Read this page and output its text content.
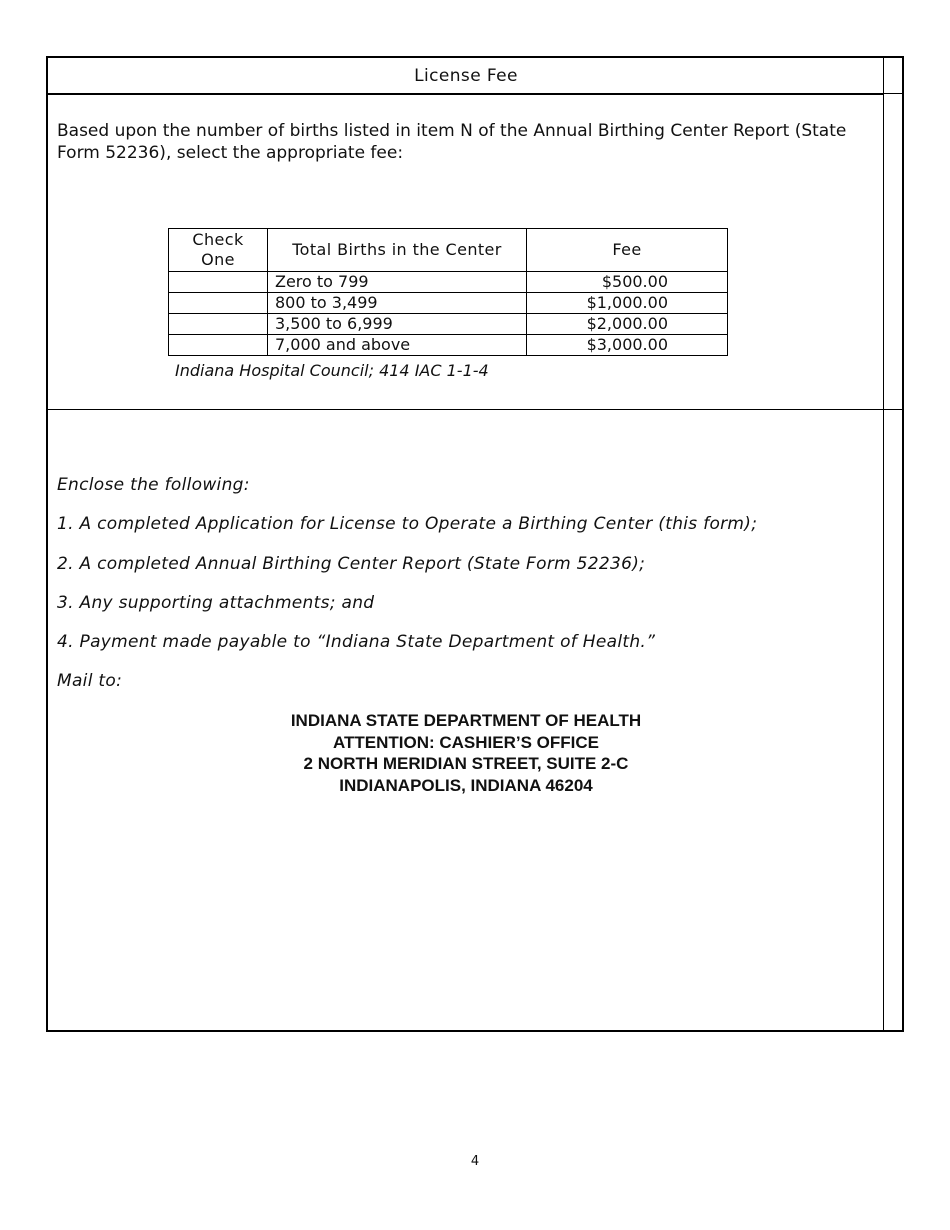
License Fee

Based upon the number of births listed in item N of the Annual Birthing Center Report (State Form 52236), select the appropriate fee:

Check One	Total Births in the Center	Fee
	Zero to 799	$500.00
	800 to 3,499	$1,000.00
	3,500 to 6,999	$2,000.00
	7,000 and above	$3,000.00
Indiana Hospital Council; 414 IAC 1-1-4

Enclose the following:

1. A completed Application for License to Operate a Birthing Center (this form);

2. A completed Annual Birthing Center Report (State Form 52236);

3. Any supporting attachments; and

4. Payment made payable to “Indiana State Department of Health.”

Mail to:

INDIANA STATE DEPARTMENT OF HEALTH
ATTENTION: CASHIER’S OFFICE
2 NORTH MERIDIAN STREET, SUITE 2-C
INDIANAPOLIS, INDIANA 46204
4
